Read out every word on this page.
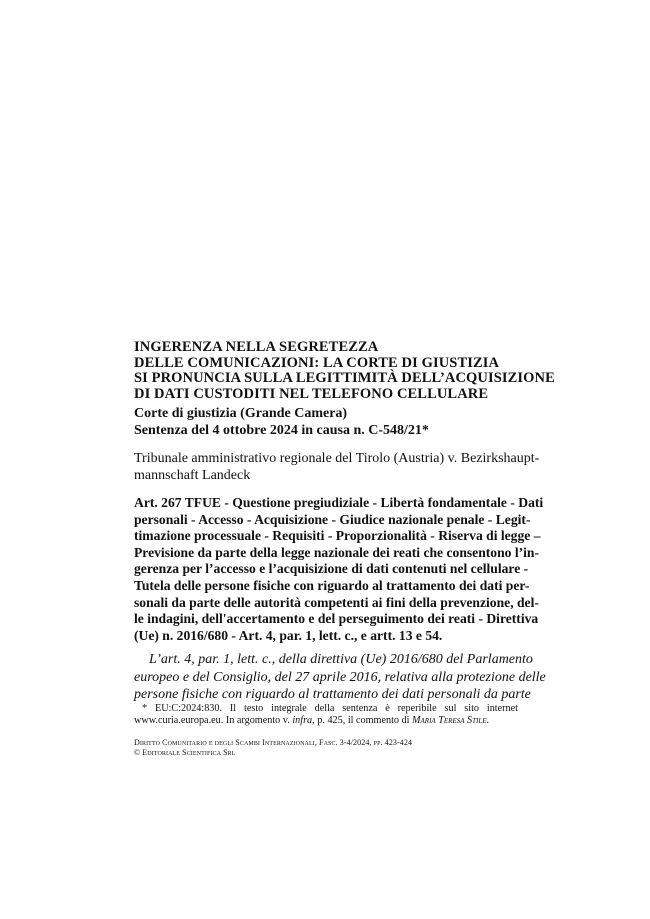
INGERENZA NELLA SEGRETEZZA
DELLE COMUNICAZIONI: LA CORTE DI GIUSTIZIA
SI PRONUNCIA SULLA LEGITTIMITÀ DELL’ACQUISIZIONE
DI DATI CUSTODITI NEL TELEFONO CELLULARE
Corte di giustizia (Grande Camera)
Sentenza del 4 ottobre 2024 in causa n. C-548/21*
Tribunale amministrativo regionale del Tirolo (Austria) v. Bezirkshaupt-
mannschaft Landeck
Art. 267 TFUE - Questione pregiudiziale - Libertà fondamentale - Dati
personali - Accesso - Acquisizione - Giudice nazionale penale - Legit-
timazione processuale - Requisiti - Proporzionalità - Riserva di legge –
Previsione da parte della legge nazionale dei reati che consentono l’in-
gerenza per l’accesso e l’acquisizione di dati contenuti nel cellulare -
Tutela delle persone fisiche con riguardo al trattamento dei dati per-
sonali da parte delle autorità competenti ai fini della prevenzione, del-
le indagini, dell'accertamento e del perseguimento dei reati - Direttiva
(Ue) n. 2016/680 - Art. 4, par. 1, lett. c., e artt. 13 e 54.
L’art. 4, par. 1, lett. c., della direttiva (Ue) 2016/680 del Parlamento
europeo e del Consiglio, del 27 aprile 2016, relativa alla protezione delle
persone fisiche con riguardo al trattamento dei dati personali da parte
* EU:C:2024:830. Il testo integrale della sentenza è reperibile sul sito internet
www.curia.europa.eu. In argomento v. infra, p. 425, il commento di Maria Teresa Stile.
Diritto Comunitario e degli Scambi Internazionali, Fasc. 3-4/2024, pp. 423-424
© Editoriale Scientifica Srl
